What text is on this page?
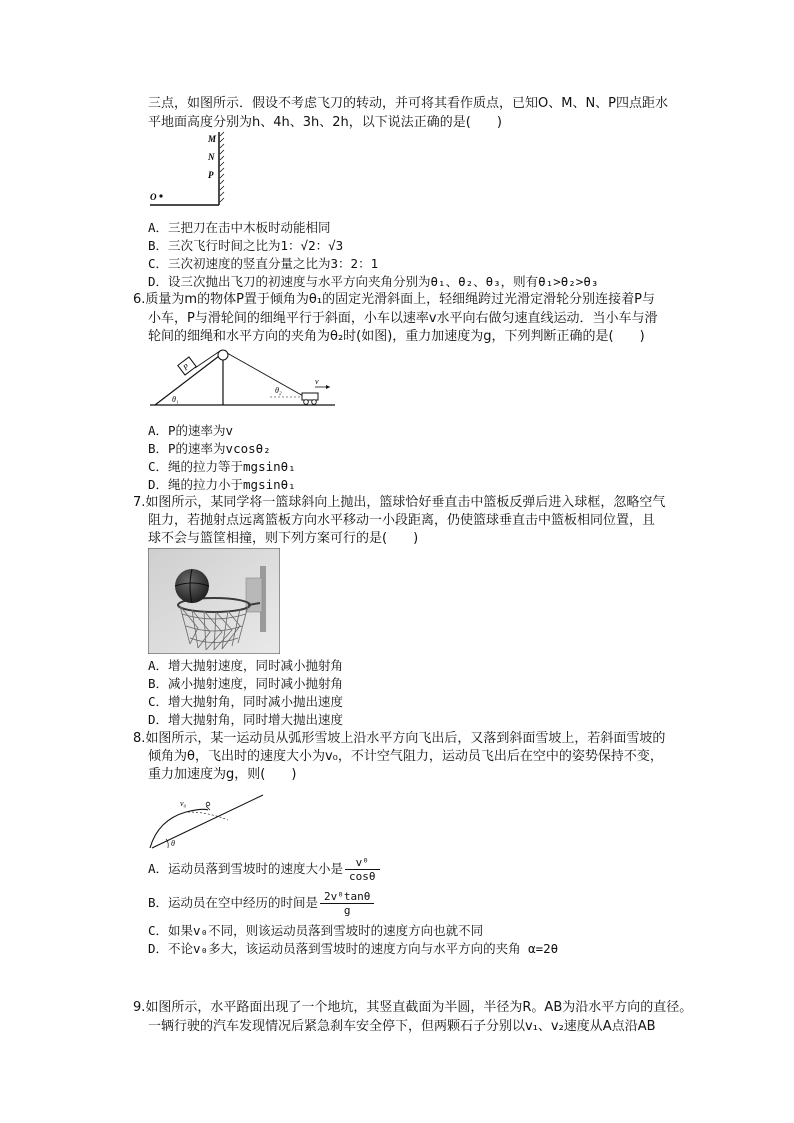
三点，如图所示．假设不考虑飞刀的转动，并可将其看作质点，已知O、M、N、P四点距水
平地面高度分别为h、4h、3h、2h，以下说法正确的是(　　)
M
N
P
O
A．三把刀在击中木板时动能相同
B．三次飞行时间之比为1：√2：√3
C．三次初速度的竖直分量之比为3：2：1
D．设三次抛出飞刀的初速度与水平方向夹角分别为θ₁、θ₂、θ₃，则有θ₁>θ₂>θ₃
6.质量为m的物体P置于倾角为θ₁的固定光滑斜面上，轻细绳跨过光滑定滑轮分别连接着P与
小车，P与滑轮间的细绳平行于斜面，小车以速率v水平向右做匀速直线运动．当小车与滑
轮间的细绳和水平方向的夹角为θ₂时(如图)，重力加速度为g，下列判断正确的是(　　)
P
v
θ₁
θ₂
A．P的速率为v
B．P的速率为vcosθ₂
C．绳的拉力等于mgsinθ₁
D．绳的拉力小于mgsinθ₁
7.如图所示，某同学将一篮球斜向上抛出，篮球恰好垂直击中篮板反弹后进入球框，忽略空气
阻力，若抛射点远离篮板方向水平移动一小段距离，仍使篮球垂直击中篮板相同位置，且
球不会与篮筐相撞，则下列方案可行的是(　　)
A．增大抛射速度，同时减小抛射角
B．减小抛射速度，同时减小抛射角
C．增大抛射角，同时减小抛出速度
D．增大抛射角，同时增大抛出速度
8.如图所示，某一运动员从弧形雪坡上沿水平方向飞出后，又落到斜面雪坡上，若斜面雪坡的
倾角为θ，飞出时的速度大小为v₀，不计空气阻力，运动员飞出后在空中的姿势保持不变，
重力加速度为g，则(　　)
v₀
θ
A．运动员落到雪坡时的速度大小是 $\frac{\text{v⁰}}{\cos\theta}$
B．运动员在空中经历的时间是 $\frac{\text{2v⁰tanθ}}{g}$
C．如果v₀不同，则该运动员落到雪坡时的速度方向也就不同
D．不论v₀多大，该运动员落到雪坡时的速度方向与水平方向的夹角 α=2θ
9.如图所示，水平路面出现了一个地坑，其竖直截面为半圆，半径为R。AB为沿水平方向的直径。
一辆行驶的汽车发现情况后紧急刹车安全停下，但两颗石子分别以v₁、v₂速度从A点沿AB
